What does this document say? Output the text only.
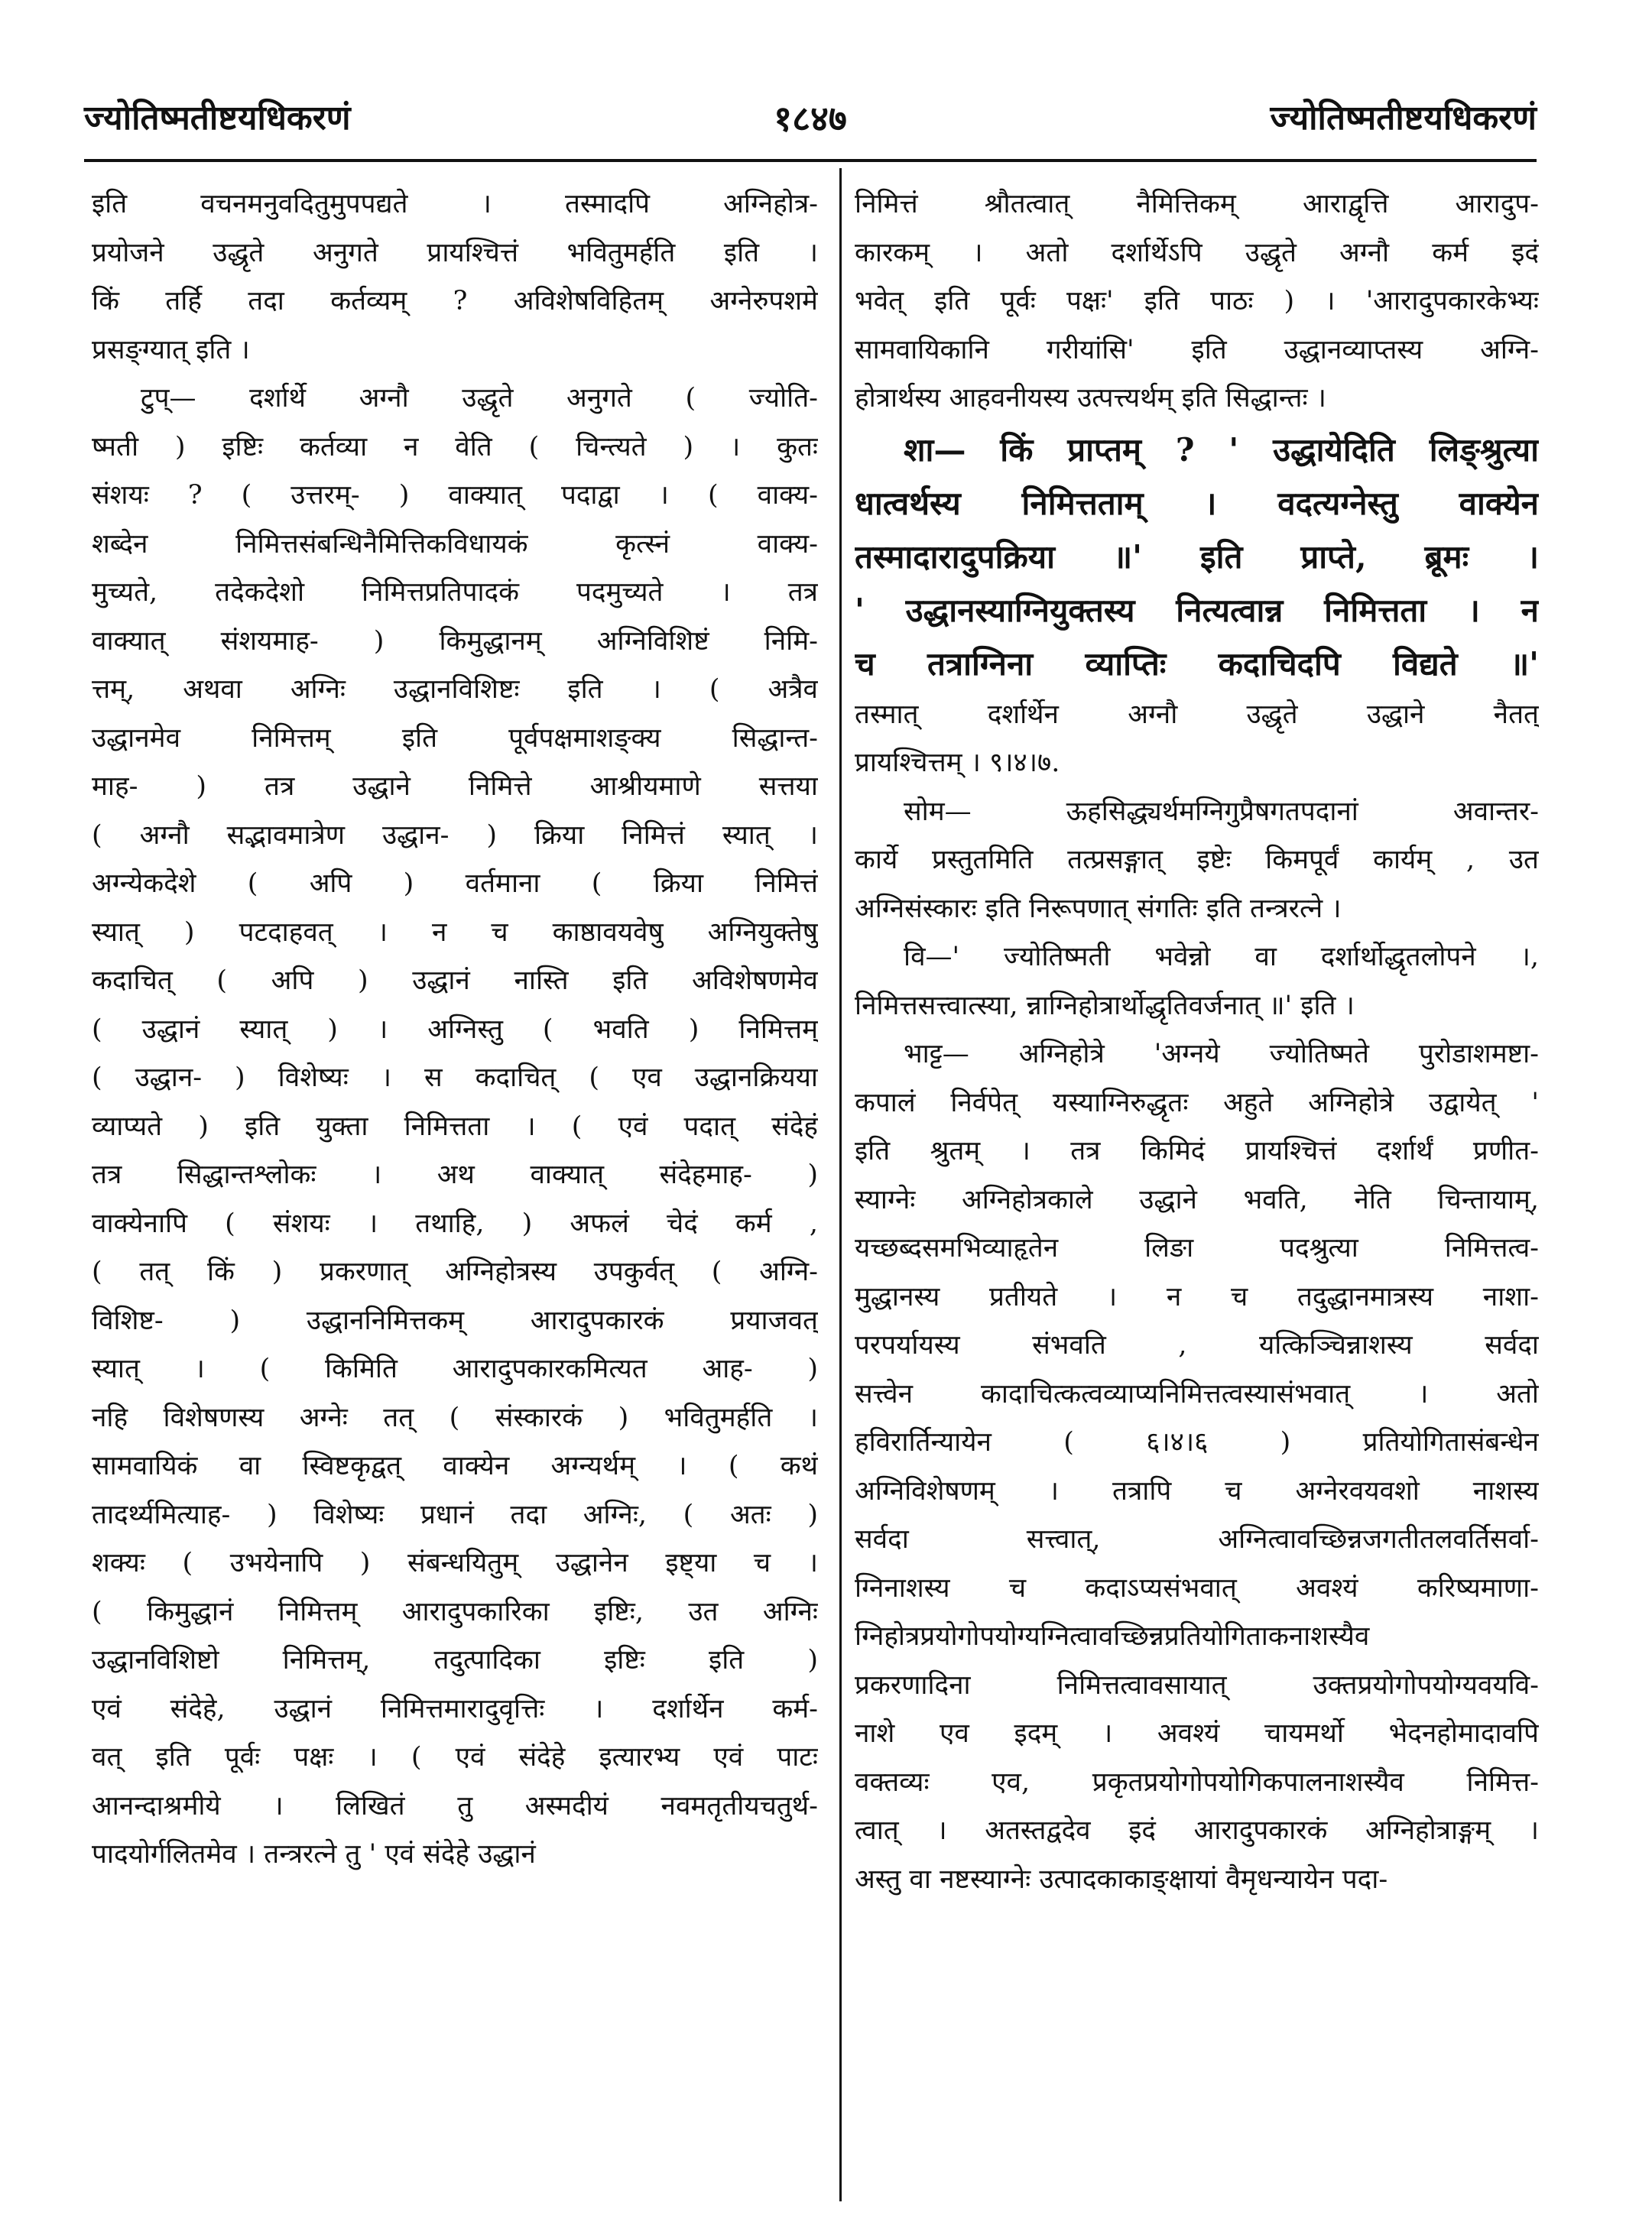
ज्योतिष्मतीष्टयधिकरणं	१८४७	ज्योतिष्मतीष्टयधिकरणं
इति वचनमनुवदितुमुपपद्यते । तस्मादपि अग्निहोत्र-
प्रयोजने उद्धृते अनुगते प्रायश्चित्तं भवितुमर्हति इति ।
किं तर्हि तदा कर्तव्यम् ? अविशेषविहितम् अग्नेरुपशमे
प्रसङ्ग्यात् इति ।
टुप्— दर्शार्थे अग्नौ उद्धृते अनुगते ( ज्योति-
ष्मती ) इष्टिः कर्तव्या न वेति ( चिन्त्यते ) । कुतः
संशयः ? ( उत्तरम्- ) वाक्यात् पदाद्वा । ( वाक्य-
शब्देन निमित्तसंबन्धिनैमित्तिकविधायकं कृत्स्नं वाक्य-
मुच्यते, तदेकदेशो निमित्तप्रतिपादकं पदमुच्यते । तत्र
वाक्यात् संशयमाह- ) किमुद्धानम् अग्निविशिष्टं निमि-
त्तम्, अथवा अग्निः उद्धानविशिष्टः इति । ( अत्रैव
उद्धानमेव निमित्तम् इति पूर्वपक्षमाशङ्क्य सिद्धान्त-
माह- ) तत्र उद्धाने निमित्ते आश्रीयमाणे सत्तया
( अग्नौ सद्भावमात्रेण उद्धान- ) क्रिया निमित्तं स्यात् ।
अग्न्येकदेशे ( अपि ) वर्तमाना ( क्रिया निमित्तं
स्यात् ) पटदाहवत् । न च काष्ठावयवेषु अग्नियुक्तेषु
कदाचित् ( अपि ) उद्धानं नास्ति इति अविशेषणमेव
( उद्धानं स्यात् ) । अग्निस्तु ( भवति ) निमित्तम्
( उद्धान- ) विशेष्यः । स कदाचित् ( एव उद्धानक्रियया
व्याप्यते ) इति युक्ता निमित्तता । ( एवं पदात् संदेहं
तत्र सिद्धान्तश्लोकः । अथ वाक्यात् संदेहमाह- )
वाक्येनापि ( संशयः । तथाहि, ) अफलं चेदं कर्म ,
( तत् किं ) प्रकरणात् अग्निहोत्रस्य उपकुर्वत् ( अग्नि-
विशिष्ट- ) उद्धाननिमित्तकम् आरादुपकारकं प्रयाजवत्
स्यात् । ( किमिति आरादुपकारकमित्यत आह- )
नहि विशेषणस्य अग्नेः तत् ( संस्कारकं ) भवितुमर्हति ।
सामवायिकं वा स्विष्टकृद्वत् वाक्येन अग्न्यर्थम् । ( कथं
तादर्थ्यमित्याह- ) विशेष्यः प्रधानं तदा अग्निः, ( अतः )
शक्यः ( उभयेनापि ) संबन्धयितुम् उद्धानेन इष्ट्या च ।
( किमुद्धानं निमित्तम् आरादुपकारिका इष्टिः, उत अग्निः
उद्धानविशिष्टो निमित्तम्, तदुत्पादिका इष्टिः इति )
एवं संदेहे, उद्धानं निमित्तमारादुवृत्तिः । दर्शार्थेन कर्म-
वत् इति पूर्वः पक्षः । ( एवं संदेहे इत्यारभ्य एवं पाटः
आनन्दाश्रमीये । लिखितं तु अस्मदीयं नवमतृतीयचतुर्थ-
पादयोर्गलितमेव । तन्त्ररत्ने तु ' एवं संदेहे उद्धानं
निमित्तं श्रौतत्वात् नैमित्तिकम् आराद्वृत्ति आरादुप-
कारकम् । अतो दर्शार्थेऽपि उद्धृते अग्नौ कर्म इदं
भवेत् इति पूर्वः पक्षः' इति पाठः ) । 'आरादुपकारकेभ्यः
सामवायिकानि गरीयांसि' इति उद्धानव्याप्तस्य अग्नि-
होत्रार्थस्य आहवनीयस्य उत्पत्त्यर्थम् इति सिद्धान्तः ।
शा— किं प्राप्तम् ? ' उद्धायेदिति लिङ्श्रुत्या
धात्वर्थस्य निमित्तताम् । वदत्यग्नेस्तु वाक्येन
तस्मादारादुपक्रिया ॥' इति प्राप्ते, ब्रूमः ।
' उद्धानस्याग्नियुक्तस्य नित्यत्वान्न निमित्तता । न
च तत्राग्निना व्याप्तिः कदाचिदपि विद्यते ॥'
तस्मात् दर्शार्थेन अग्नौ उद्धृते उद्धाने नैतत्
प्रायश्चित्तम् । ९।४।७.
सोम— ऊहसिद्ध्यर्थमग्निगुप्रैषगतपदानां अवान्तर-
कार्ये प्रस्तुतमिति तत्प्रसङ्गात् इष्टेः किमपूर्वं कार्यम् , उत
अग्निसंस्कारः इति निरूपणात् संगतिः इति तन्त्ररत्ने ।
वि—' ज्योतिष्मती भवेन्नो वा दर्शार्थोद्धृतलोपने ।,
निमित्तसत्त्वात्स्या, न्नाग्निहोत्रार्थोद्धृतिवर्जनात् ॥' इति ।
भाट्ट— अग्निहोत्रे 'अग्नये ज्योतिष्मते पुरोडाशमष्टा-
कपालं निर्वपेत् यस्याग्निरुद्धृतः अहुते अग्निहोत्रे उद्वायेत् '
इति श्रुतम् । तत्र किमिदं प्रायश्चित्तं दर्शार्थं प्रणीत-
स्याग्नेः अग्निहोत्रकाले उद्धाने भवति, नेति चिन्तायाम्,
यच्छब्दसमभिव्याहृतेन लिङा पदश्रुत्या निमित्तत्व-
मुद्धानस्य प्रतीयते । न च तदुद्धानमात्रस्य नाशा-
परपर्यायस्य संभवति , यत्किञ्चिन्नाशस्य सर्वदा
सत्त्वेन कादाचित्कत्वव्याप्यनिमित्तत्वस्यासंभवात् । अतो
हविरार्तिन्यायेन ( ६।४।६ ) प्रतियोगितासंबन्धेन
अग्निविशेषणम् । तत्रापि च अग्नेरवयवशो नाशस्य
सर्वदा सत्त्वात्, अग्नित्वावच्छिन्नजगतीतलवर्तिसर्वा-
ग्निनाशस्य च कदाऽप्यसंभवात् अवश्यं करिष्यमाणा-
ग्निहोत्रप्रयोगोपयोग्यग्नित्वावच्छिन्नप्रतियोगिताकनाशस्यैव
प्रकरणादिना निमित्तत्वावसायात् उक्तप्रयोगोपयोग्यवयवि-
नाशे एव इदम् । अवश्यं चायमर्थो भेदनहोमादावपि
वक्तव्यः एव, प्रकृतप्रयोगोपयोगिकपालनाशस्यैव निमित्त-
त्वात् । अतस्तद्वदेव इदं आरादुपकारकं अग्निहोत्राङ्गम् ।
अस्तु वा नष्टस्याग्नेः उत्पादकाकाङ्क्षायां वैमृधन्यायेन पदा-
